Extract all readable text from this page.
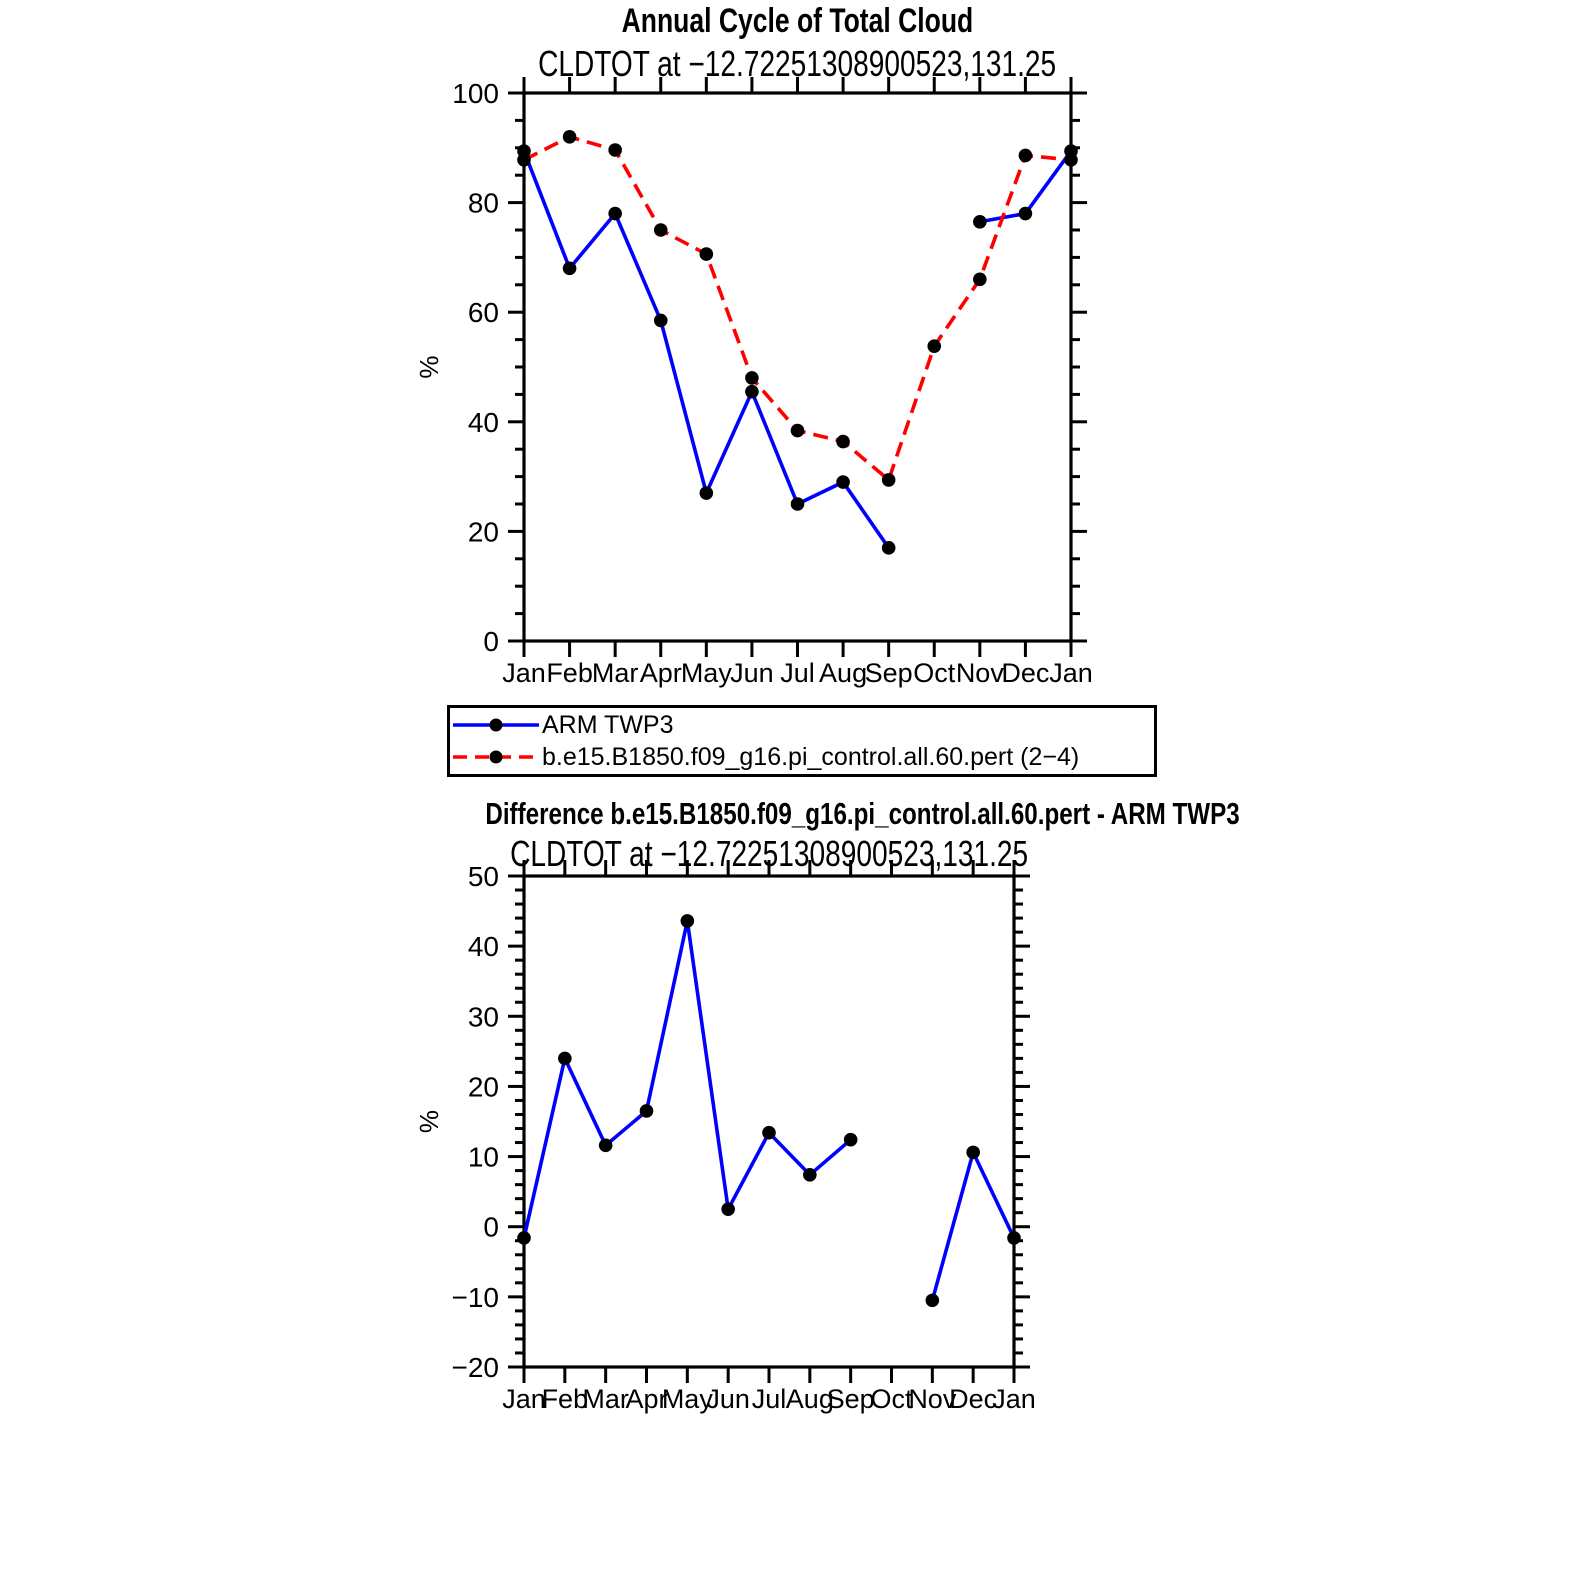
Annual Cycle of Total Cloud
CLDTOT at −12.72251308900523,131.25
0
20
40
60
80
100
Jan Feb Mar Apr May
Jun Jul Aug
Sep Oct Nov
Dec Jan
%
ARM TWP3
b.e15.B1850.f09_g16.pi_control.all.60.pert (2−4)
Difference b.e15.B1850.f09_g16.pi_control.all.60.pert - ARM TWP3
CLDTOT at −12.72251308900523,131.25
−20
−10
0
10
20
30
40
50
Jan
Feb
Mar
Apr
May
Jun Jul Aug
Sep
Oct
Nov
Dec
Jan
%
